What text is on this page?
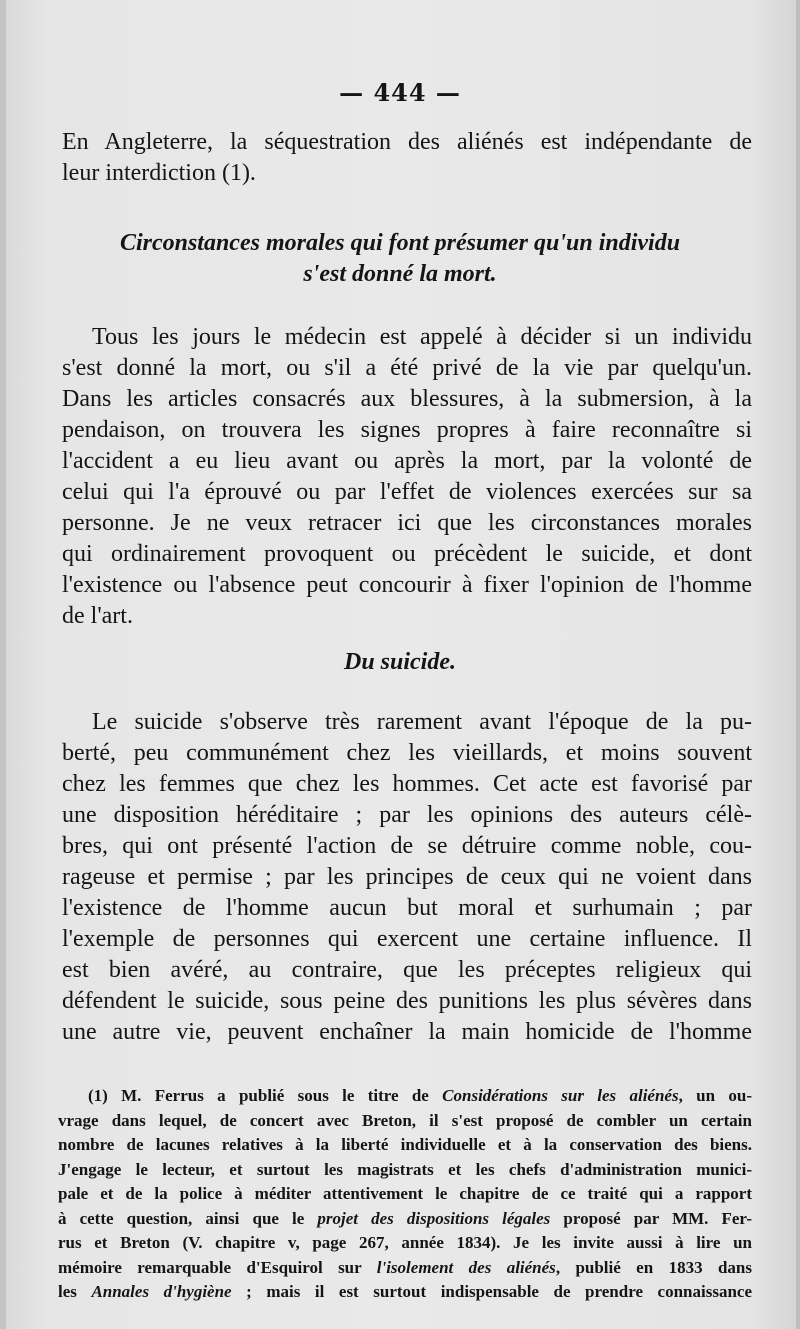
— 444 —
En Angleterre, la séquestration des aliénés est indépendante de
leur interdiction (1).
Circonstances morales qui font présumer qu'un individu
s'est donné la mort.
Tous les jours le médecin est appelé à décider si un individu
s'est donné la mort, ou s'il a été privé de la vie par quelqu'un.
Dans les articles consacrés aux blessures, à la submersion, à la
pendaison, on trouvera les signes propres à faire reconnaître si
l'accident a eu lieu avant ou après la mort, par la volonté de
celui qui l'a éprouvé ou par l'effet de violences exercées sur sa
personne. Je ne veux retracer ici que les circonstances morales
qui ordinairement provoquent ou précèdent le suicide, et dont
l'existence ou l'absence peut concourir à fixer l'opinion de l'homme
de l'art.
Du suicide.
Le suicide s'observe très rarement avant l'époque de la pu-
berté, peu communément chez les vieillards, et moins souvent
chez les femmes que chez les hommes. Cet acte est favorisé par
une disposition héréditaire ; par les opinions des auteurs célè-
bres, qui ont présenté l'action de se détruire comme noble, cou-
rageuse et permise ; par les principes de ceux qui ne voient dans
l'existence de l'homme aucun but moral et surhumain ; par
l'exemple de personnes qui exercent une certaine influence. Il
est bien avéré, au contraire, que les préceptes religieux qui
défendent le suicide, sous peine des punitions les plus sévères dans
une autre vie, peuvent enchaîner la main homicide de l'homme
(1) M. Ferrus a publié sous le titre de Considérations sur les aliénés, un ou-
vrage dans lequel, de concert avec Breton, il s'est proposé de combler un certain
nombre de lacunes relatives à la liberté individuelle et à la conservation des biens.
J'engage le lecteur, et surtout les magistrats et les chefs d'administration munici-
pale et de la police à méditer attentivement le chapitre de ce traité qui a rapport
à cette question, ainsi que le projet des dispositions légales proposé par MM. Fer-
rus et Breton (V. chapitre v, page 267, année 1834). Je les invite aussi à lire un
mémoire remarquable d'Esquirol sur l'isolement des aliénés, publié en 1833 dans
les Annales d'hygiène ; mais il est surtout indispensable de prendre connaissance
